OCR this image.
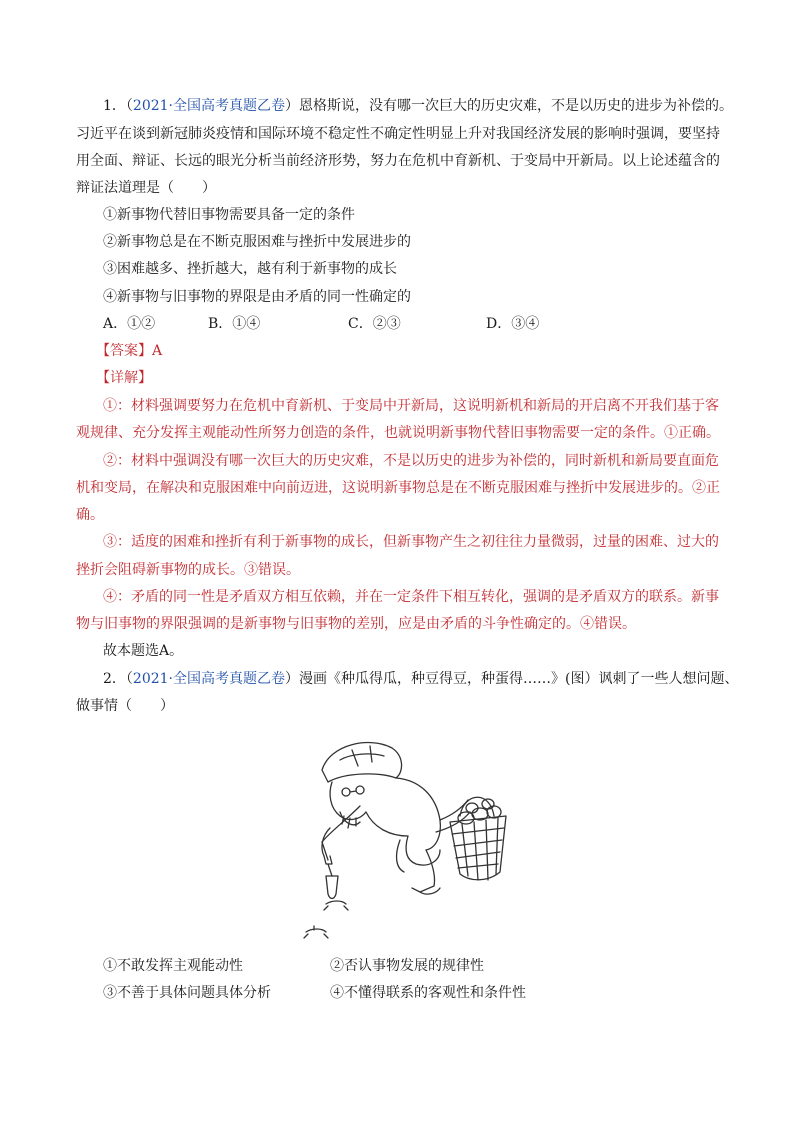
1．（2021·全国高考真题乙卷）恩格斯说，没有哪一次巨大的历史灾难，不是以历史的进步为补偿的。
习近平在谈到新冠肺炎疫情和国际环境不稳定性不确定性明显上升对我国经济发展的影响时强调，要坚持
用全面、辩证、长远的眼光分析当前经济形势，努力在危机中育新机、于变局中开新局。以上论述蕴含的
辩证法道理是（　　）
①新事物代替旧事物需要具备一定的条件
②新事物总是在不断克服困难与挫折中发展进步的
③困难越多、挫折越大，越有利于新事物的成长
④新事物与旧事物的界限是由矛盾的同一性确定的
A．①②	B．①④	C．②③	D．③④
【答案】A
【详解】
①：材料强调要努力在危机中育新机、于变局中开新局，这说明新机和新局的开启离不开我们基于客
观规律、充分发挥主观能动性所努力创造的条件，也就说明新事物代替旧事物需要一定的条件。①正确。
②：材料中强调没有哪一次巨大的历史灾难，不是以历史的进步为补偿的，同时新机和新局要直面危
机和变局，在解决和克服困难中向前迈进，这说明新事物总是在不断克服困难与挫折中发展进步的。②正
确。
③：适度的困难和挫折有利于新事物的成长，但新事物产生之初往往力量微弱，过量的困难、过大的
挫折会阻碍新事物的成长。③错误。
④：矛盾的同一性是矛盾双方相互依赖，并在一定条件下相互转化，强调的是矛盾双方的联系。新事
物与旧事物的界限强调的是新事物与旧事物的差别，应是由矛盾的斗争性确定的。④错误。
故本题选A。
2．（2021·全国高考真题乙卷）漫画《种瓜得瓜，种豆得豆，种蛋得……》(图）讽刺了一些人想问题、
做事情（　　）
①不敢发挥主观能动性	②否认事物发展的规律性
③不善于具体问题具体分析	④不懂得联系的客观性和条件性
